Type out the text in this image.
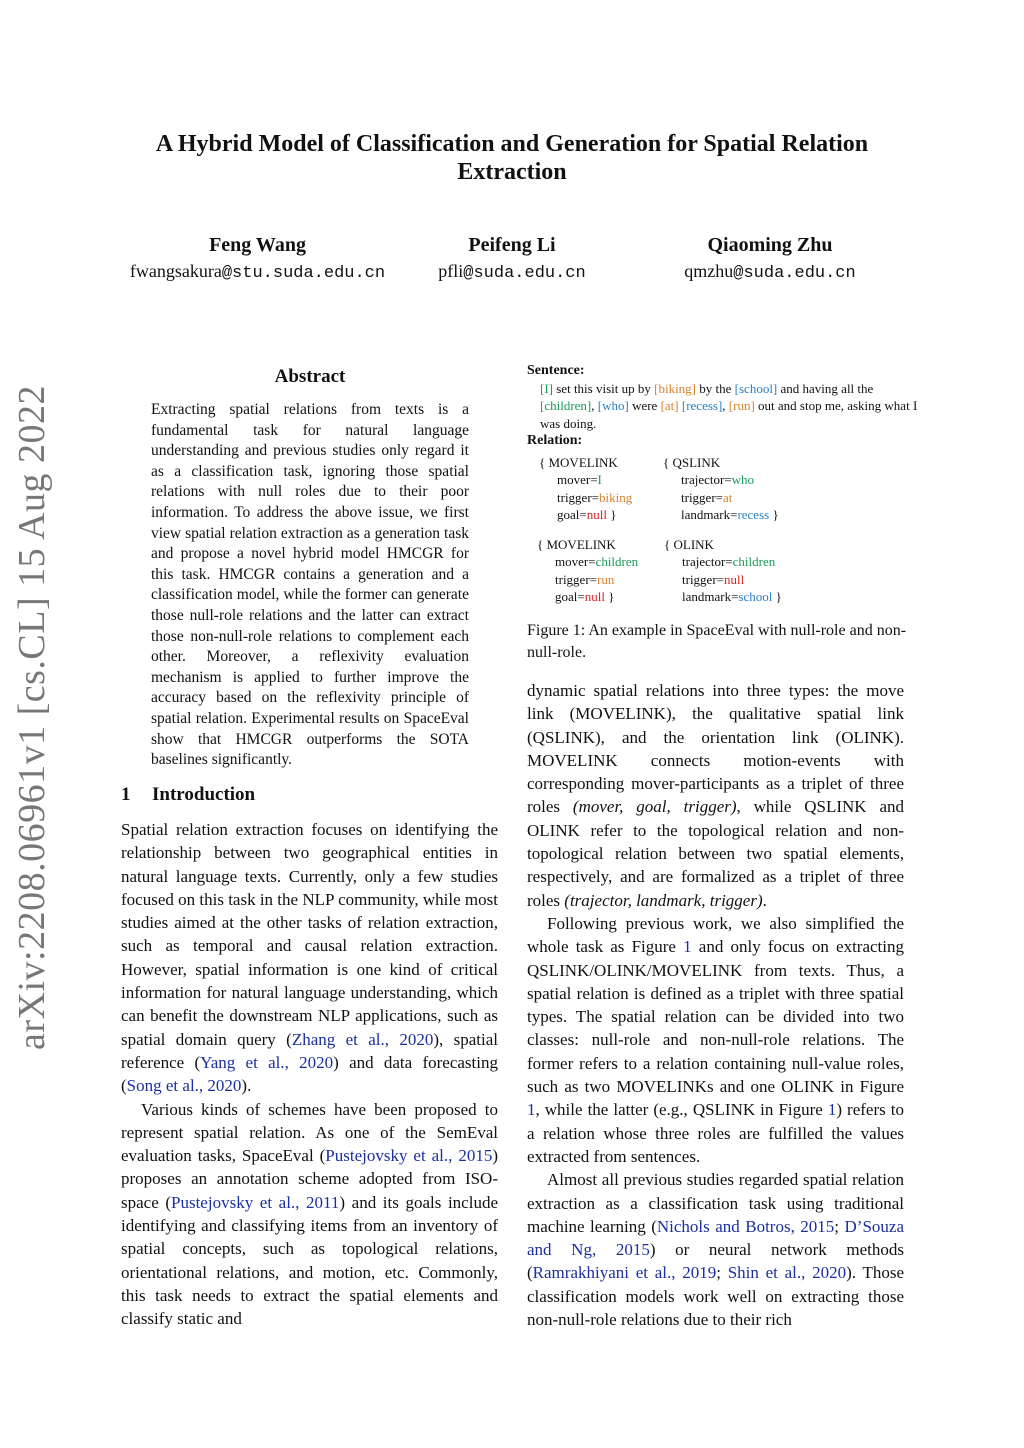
A Hybrid Model of Classification and Generation for Spatial Relation
Extraction
Feng Wang
fwangsakura@stu.suda.edu.cn
Peifeng Li
pfli@suda.edu.cn
Qiaoming Zhu
qmzhu@suda.edu.cn
arXiv:2208.06961v1 [cs.CL] 15 Aug 2022
Abstract
Extracting spatial relations from texts is a fundamental task for natural language understanding and previous studies only regard it as a classification task, ignoring those spatial relations with null roles due to their poor information. To address the above issue, we first view spatial relation extraction as a generation task and propose a novel hybrid model HMCGR for this task. HMCGR contains a generation and a classification model, while the former can generate those null-role relations and the latter can extract those non-null-role relations to complement each other. Moreover, a reflexivity evaluation mechanism is applied to further improve the accuracy based on the reflexivity principle of spatial relation. Experimental results on SpaceEval show that HMCGR outperforms the SOTA baselines significantly.
1 Introduction

Spatial relation extraction focuses on identifying the relationship between two geographical entities in natural language texts. Currently, only a few studies focused on this task in the NLP community, while most studies aimed at the other tasks of relation extraction, such as temporal and causal relation extraction. However, spatial information is one kind of critical information for natural language understanding, which can benefit the downstream NLP applications, such as spatial domain query (Zhang et al., 2020), spatial reference (Yang et al., 2020) and data forecasting (Song et al., 2020).

Various kinds of schemes have been proposed to represent spatial relation. As one of the SemEval evaluation tasks, SpaceEval (Pustejovsky et al., 2015) proposes an annotation scheme adopted from ISO-space (Pustejovsky et al., 2011) and its goals include identifying and classifying items from an inventory of spatial concepts, such as topological relations, orientational relations, and motion, etc. Commonly, this task needs to extract the spatial elements and classify static and

Sentence:
[I] set this visit up by [biking] by the [school] and having all the [children], [who] were [at] [recess], [run] out and stop me, asking what I was doing.
Relation:
{ MOVELINK
mover=I
trigger=biking
goal=null }
{ QSLINK
trajector=who
trigger=at
landmark=recess }
{ MOVELINK
mover=children
trigger=run
goal=null }
{ OLINK
trajector=children
trigger=null
landmark=school }
Figure 1: An example in SpaceEval with null-role and non-null-role.

dynamic spatial relations into three types: the move link (MOVELINK), the qualitative spatial link (QSLINK), and the orientation link (OLINK). MOVELINK connects motion-events with corresponding mover-participants as a triplet of three roles (mover, goal, trigger), while QSLINK and OLINK refer to the topological relation and non-topological relation between two spatial elements, respectively, and are formalized as a triplet of three roles (trajector, landmark, trigger).

Following previous work, we also simplified the whole task as Figure 1 and only focus on extracting QSLINK/OLINK/MOVELINK from texts. Thus, a spatial relation is defined as a triplet with three spatial types. The spatial relation can be divided into two classes: null-role and non-null-role relations. The former refers to a relation containing null-value roles, such as two MOVELINKs and one OLINK in Figure 1, while the latter (e.g., QSLINK in Figure 1) refers to a relation whose three roles are fulfilled the values extracted from sentences.

Almost all previous studies regarded spatial relation extraction as a classification task using traditional machine learning (Nichols and Botros, 2015; D’Souza and Ng, 2015) or neural network methods (Ramrakhiyani et al., 2019; Shin et al., 2020). Those classification models work well on extracting those non-null-role relations due to their rich
